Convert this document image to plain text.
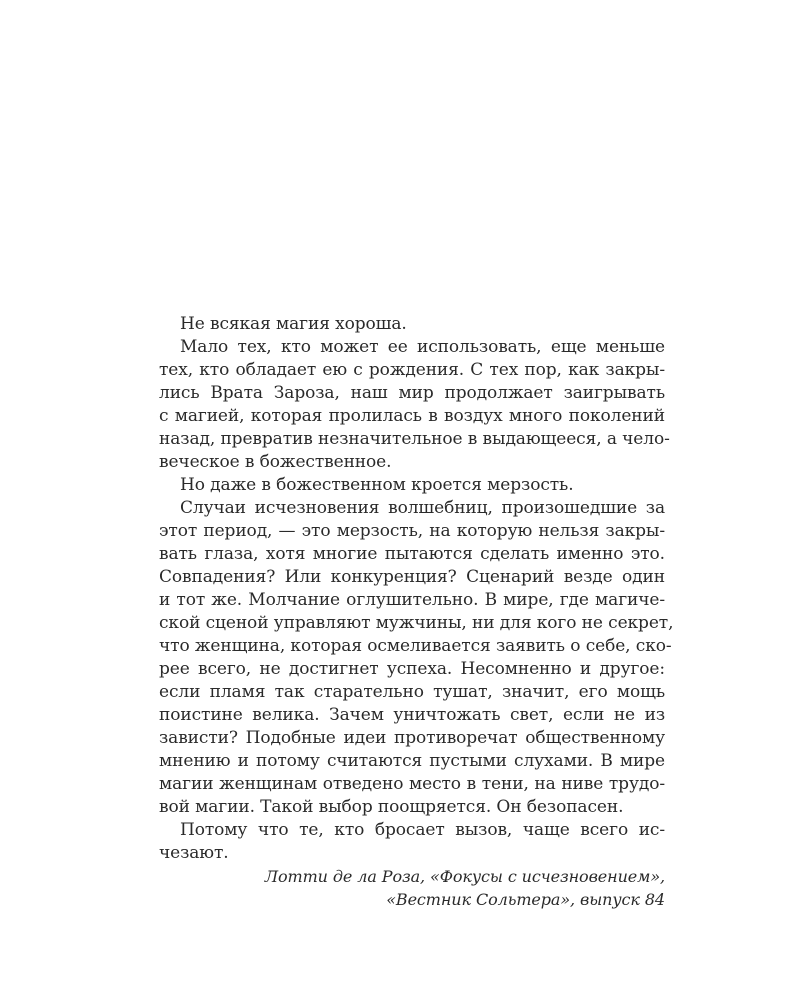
Не всякая магия хороша.
Мало тех, кто может ее использовать, еще меньше
тех, кто обладает ею с рождения. С тех пор, как закры-
лись Врата Зароза, наш мир продолжает заигрывать
с магией, которая пролилась в воздух много поколений
назад, превратив незначительное в выдающееся, а чело-
веческое в божественное.
Но даже в божественном кроется мерзость.
Случаи исчезновения волшебниц, произошедшие за
этот период, — это мерзость, на которую нельзя закры-
вать глаза, хотя многие пытаются сделать именно это.
Совпадения? Или конкуренция? Сценарий везде один
и тот же. Молчание оглушительно. В мире, где магиче-
ской сценой управляют мужчины, ни для кого не секрет,
что женщина, которая осмеливается заявить о себе, ско-
рее всего, не достигнет успеха. Несомненно и другое:
если пламя так старательно тушат, значит, его мощь
поистине велика. Зачем уничтожать свет, если не из
зависти? Подобные идеи противоречат общественному
мнению и потому считаются пустыми слухами. В мире
магии женщинам отведено место в тени, на ниве трудо-
вой магии. Такой выбор поощряется. Он безопасен.
Потому что те, кто бросает вызов, чаще всего ис-
чезают.
Лотти де ла Роза, «Фокусы с исчезновением»,
«Вестник Сольтера», выпуск 84
